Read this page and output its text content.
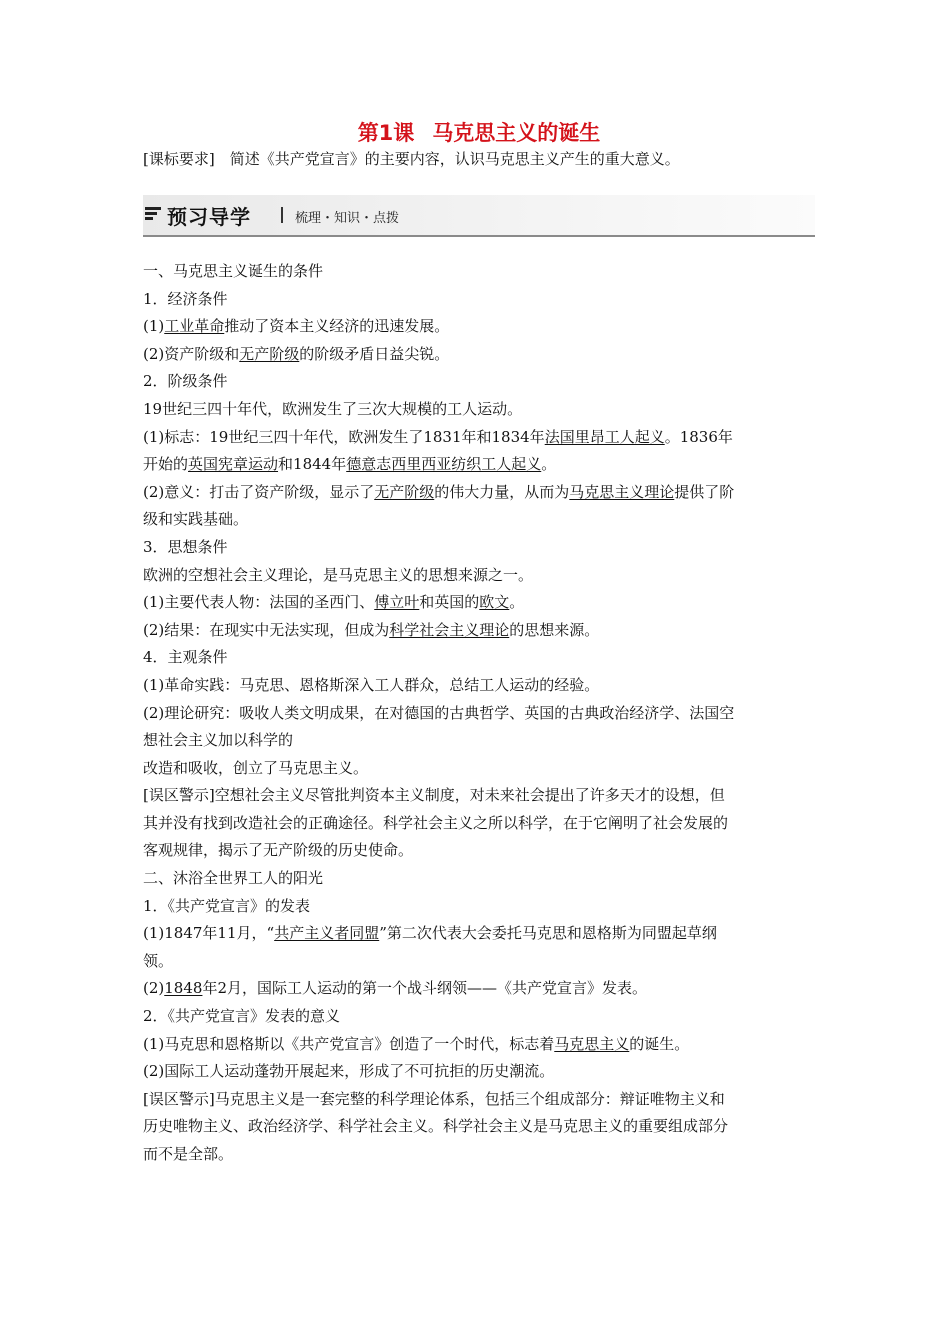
第1课 马克思主义的诞生

[课标要求]　简述《共产党宣言》的主要内容，认识马克思主义产生的重大意义。

预习导学	梳理・知识・点拨

一、马克思主义诞生的条件

1．经济条件

(1)工业革命推动了资本主义经济的迅速发展。

(2)资产阶级和无产阶级的阶级矛盾日益尖锐。

2．阶级条件

19世纪三四十年代，欧洲发生了三次大规模的工人运动。

(1)标志：19世纪三四十年代，欧洲发生了1831年和1834年法国里昂工人起义。1836年

开始的英国宪章运动和1844年德意志西里西亚纺织工人起义。

(2)意义：打击了资产阶级，显示了无产阶级的伟大力量，从而为马克思主义理论提供了阶

级和实践基础。

3．思想条件

欧洲的空想社会主义理论，是马克思主义的思想来源之一。

(1)主要代表人物：法国的圣西门、傅立叶和英国的欧文。

(2)结果：在现实中无法实现，但成为科学社会主义理论的思想来源。

4．主观条件

(1)革命实践：马克思、恩格斯深入工人群众，总结工人运动的经验。

(2)理论研究：吸收人类文明成果，在对德国的古典哲学、英国的古典政治经济学、法国空

想社会主义加以科学的

改造和吸收，创立了马克思主义。

[误区警示]空想社会主义尽管批判资本主义制度，对未来社会提出了许多天才的设想，但

其并没有找到改造社会的正确途径。科学社会主义之所以科学，在于它阐明了社会发展的

客观规律，揭示了无产阶级的历史使命。

二、沐浴全世界工人的阳光

1．《共产党宣言》的发表

(1)1847年11月，“共产主义者同盟”第二次代表大会委托马克思和恩格斯为同盟起草纲

领。

(2)1848年2月，国际工人运动的第一个战斗纲领——《共产党宣言》发表。

2．《共产党宣言》发表的意义

(1)马克思和恩格斯以《共产党宣言》创造了一个时代，标志着马克思主义的诞生。

(2)国际工人运动蓬勃开展起来，形成了不可抗拒的历史潮流。

[误区警示]马克思主义是一套完整的科学理论体系，包括三个组成部分：辩证唯物主义和

历史唯物主义、政治经济学、科学社会主义。科学社会主义是马克思主义的重要组成部分

而不是全部。
